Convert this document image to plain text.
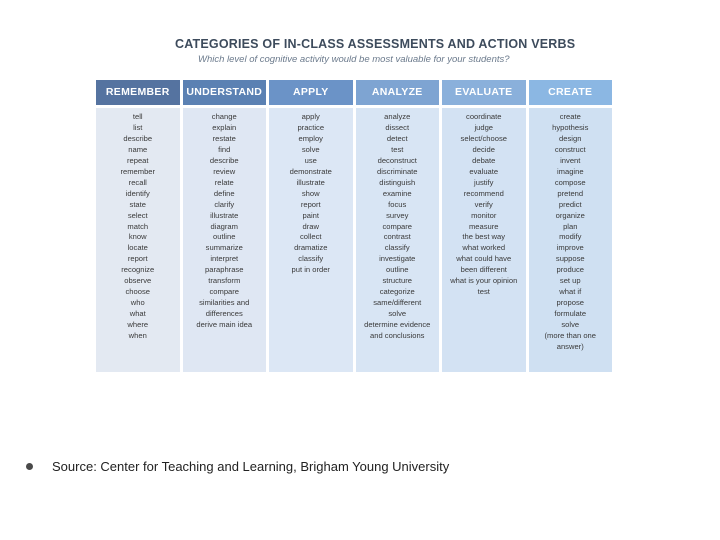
CATEGORIES OF IN-CLASS ASSESSMENTS AND ACTION VERBS
Which level of cognitive activity would be most valuable for your students?
REMEMBER
tell
list
describe
name
repeat
remember
recall
identify
state
select
match
know
locate
report
recognize
observe
choose
who
what
where
when
UNDERSTAND
change
explain
restate
find
describe
review
relate
define
clarify
illustrate
diagram
outline
summarize
interpret
paraphrase
transform
compare
similarities and
differences
derive main idea
APPLY
apply
practice
employ
solve
use
demonstrate
illustrate
show
report
paint
draw
collect
dramatize
classify
put in order
ANALYZE
analyze
dissect
detect
test
deconstruct
discriminate
distinguish
examine
focus
survey
compare
contrast
classify
investigate
outline
structure
categorize
same/different
solve
determine evidence
and conclusions
EVALUATE
coordinate
judge
select/choose
decide
debate
evaluate
justify
recommend
verify
monitor
measure
the best way
what worked
what could have
been different
what is your opinion
test
CREATE
create
hypothesis
design
construct
invent
imagine
compose
pretend
predict
organize
plan
modify
improve
suppose
produce
set up
what if
propose
formulate
solve
(more than one answer)
Source: Center for Teaching and Learning, Brigham Young University
